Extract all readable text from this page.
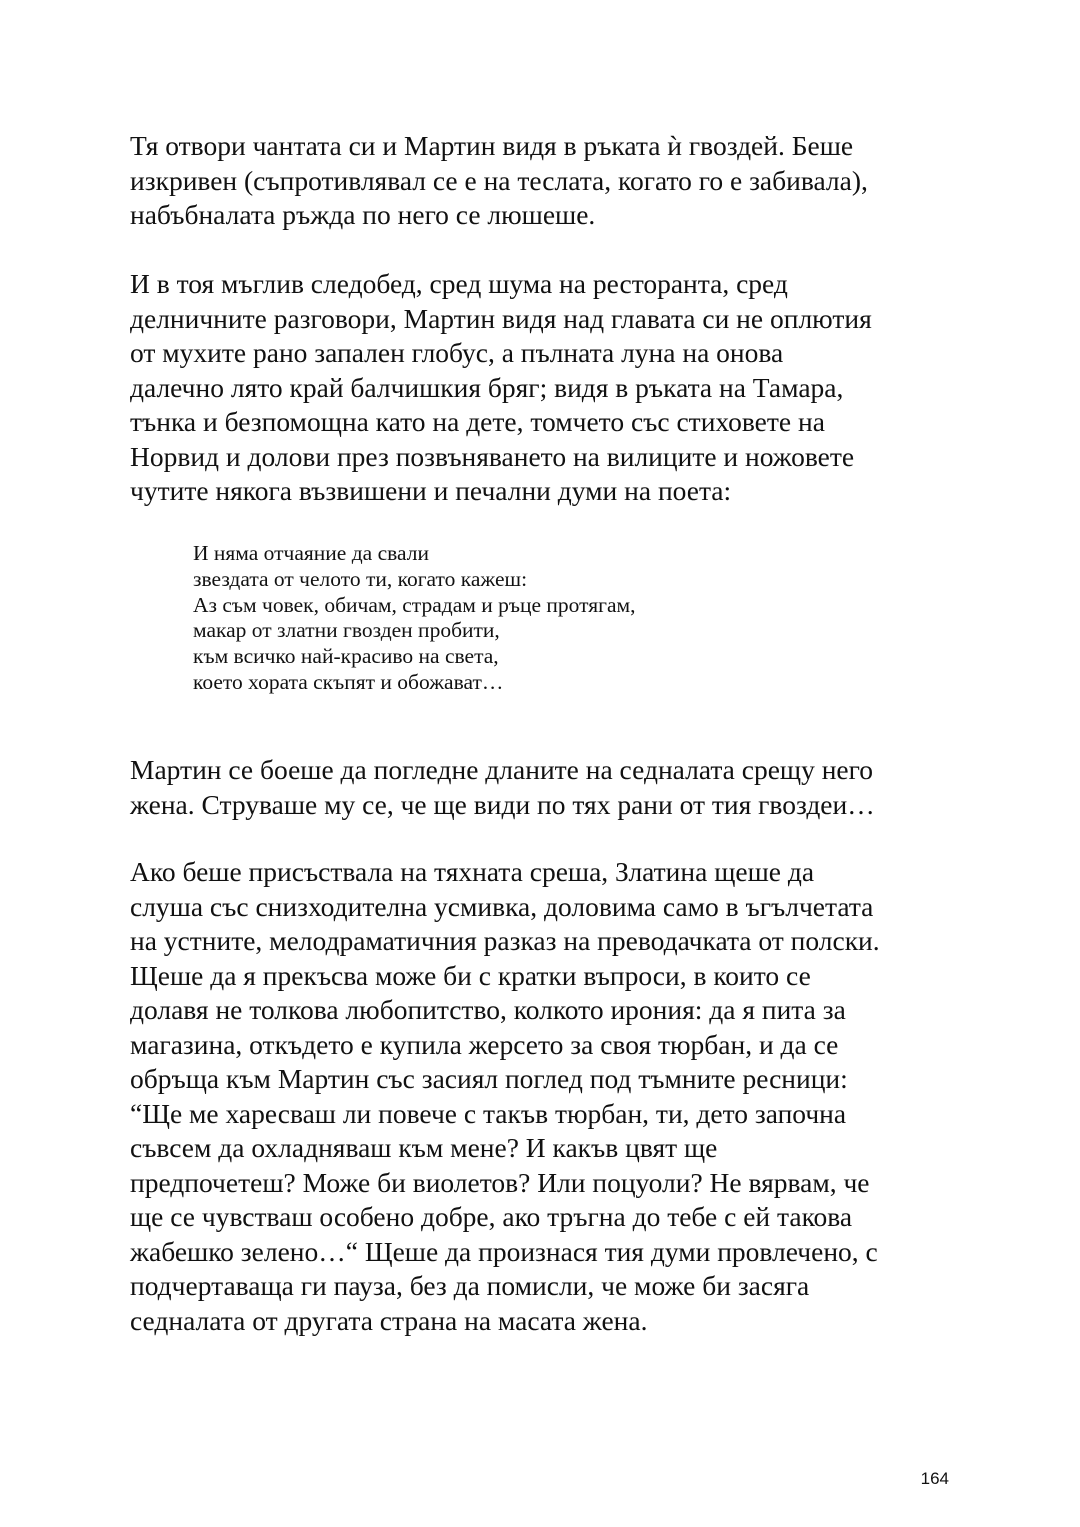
Тя отвори чантата си и Мартин видя в ръката ѝ гвоздей. Беше
изкривен (съпротивлявал се е на теслата, когато го е забивала),
набъбналата ръжда по него се люшеше.
И в тоя мъглив следобед, сред шума на ресторанта, сред
делничните разговори, Мартин видя над главата си не оплютия
от мухите рано запален глобус, а пълната луна на онова
далечно лято край балчишкия бряг; видя в ръката на Тамара,
тънка и безпомощна като на дете, томчето със стиховете на
Норвид и долови през позвъняването на вилиците и ножовете
чутите някога възвишени и печални думи на поета:
И няма отчаяние да свали
звездата от челото ти, когато кажеш:
Аз съм човек, обичам, страдам и ръце протягам,
макар от златни гвозден пробити,
към всичко най-красиво на света,
което хората скъпят и обожават…
Мартин се боеше да погледне дланите на седналата срещу него
жена. Струваше му се, че ще види по тях рани от тия гвоздеи…
Ако беше присъствала на тяхната среша, Златина щеше да
слуша със снизходителна усмивка, доловима само в ъгълчетата
на устните, мелодраматичния разказ на преводачката от полски.
Щеше да я прекъсва може би с кратки въпроси, в които се
долавя не толкова любопитство, колкото ирония: да я пита за
магазина, откъдето е купила жерсето за своя тюрбан, и да се
обръща към Мартин със засиял поглед под тъмните ресници:
“Ще ме харесваш ли повече с такъв тюрбан, ти, дето започна
съвсем да охладняваш към мене? И какъв цвят ще
предпочетеш? Може би виолетов? Или поцуоли? Не вярвам, че
ще се чувстваш особено добре, ако тръгна до тебе с ей такова
жабешко зелено…“ Щеше да произнася тия думи провлечено, с
подчертаваща ги пауза, без да помисли, че може би засяга
седналата от другата страна на масата жена.
164
